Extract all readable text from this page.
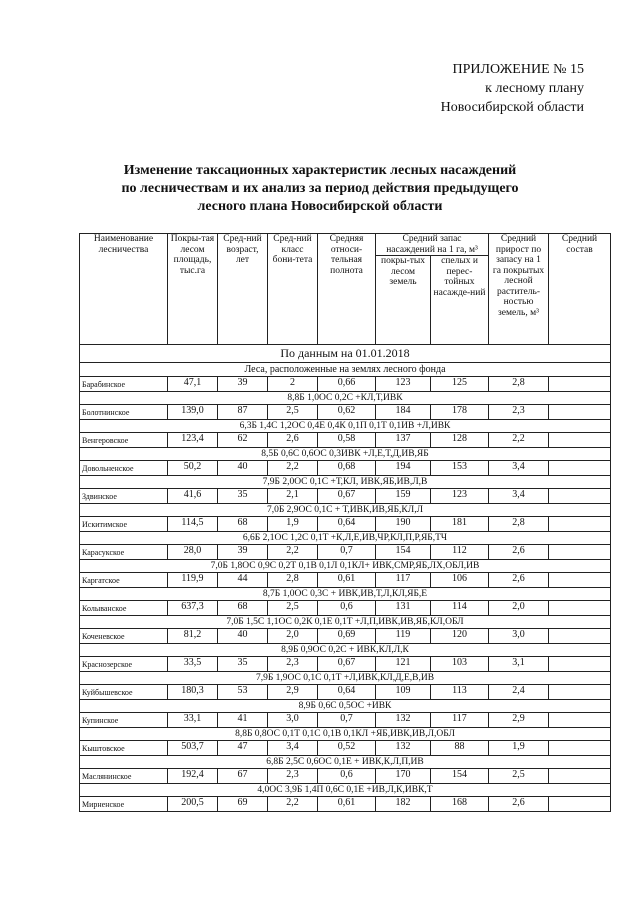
ПРИЛОЖЕНИЕ № 15
к лесному плану
Новосибирской области
Изменение таксационных характеристик лесных насаждений
по лесничествам и их анализ за период действия предыдущего
лесного плана Новосибирской области
Наименование лесничества	Покры-тая лесом площадь, тыс.га	Сред-ний возраст, лет	Сред-ний класс бони-тета	Средняя относи-тельная полнота	Средний запас насаждений на 1 га, м³		Средний прирост по запасу на 1 га покрытых лесной раститель-ностью земель, м³	Средний состав
					покры-тых лесом земель	спелых и перес-тойных насажде-ний		
По данным на 01.01.2018								
Леса, расположенные на землях лесного фонда								
Барабинское	47,1	39	2	0,66	123	125	2,8	
8,8Б 1,0ОС 0,2С +КЛ,Т,ИВК								
Болотнинское	139,0	87	2,5	0,62	184	178	2,3	
6,3Б 1,4С 1,2ОС 0,4Е 0,4К 0,1П 0,1Т 0,1ИВ +Л,ИВК								
Венгеровское	123,4	62	2,6	0,58	137	128	2,2	
8,5Б 0,6С 0,6ОС 0,3ИВК +Л,Е,Т,Д,ИВ,ЯБ								
Довольненское	50,2	40	2,2	0,68	194	153	3,4	
7,9Б 2,0ОС 0,1С +Т,КЛ, ИВК,ЯБ,ИВ,Л,В								
Здвинское	41,6	35	2,1	0,67	159	123	3,4	
7,0Б 2,9ОС 0,1С + Т,ИВК,ИВ,ЯБ,КЛ,Л								
Искитимское	114,5	68	1,9	0,64	190	181	2,8	
6,6Б 2,1ОС 1,2С 0,1Т +К,Л,Е,ИВ,ЧР,КЛ,П,Р,ЯБ,ТЧ								
Карасукское	28,0	39	2,2	0,7	154	112	2,6	
7,0Б 1,8ОС 0,9С 0,2Т 0,1В 0,1Л 0,1КЛ+ ИВК,СМР,ЯБ,ЛХ,ОБЛ,ИВ								
Каргатское	119,9	44	2,8	0,61	117	106	2,6	
8,7Б 1,0ОС 0,3С + ИВК,ИВ,Т,Л,КЛ,ЯБ,Е								
Колыванское	637,3	68	2,5	0,6	131	114	2,0	
7,0Б 1,5С 1,1ОС 0,2К 0,1Е 0,1Т +Л,П,ИВК,ИВ,ЯБ,КЛ,ОБЛ								
Коченевское	81,2	40	2,0	0,69	119	120	3,0	
8,9Б 0,9ОС 0,2С + ИВК,КЛ,Л,К								
Краснозерское	33,5	35	2,3	0,67	121	103	3,1	
7,9Б 1,9ОС 0,1С 0,1Т +Л,ИВК,КЛ,Д,Е,В,ИВ								
Куйбышевское	180,3	53	2,9	0,64	109	113	2,4	
8,9Б 0,6С 0,5ОС +ИВК								
Купинское	33,1	41	3,0	0,7	132	117	2,9	
8,8Б 0,8ОС 0,1Т 0,1С 0,1В 0,1КЛ +ЯБ,ИВК,ИВ,Л,ОБЛ								
Кыштовское	503,7	47	3,4	0,52	132	88	1,9	
6,8Б 2,5С 0,6ОС 0,1Е + ИВК,К,Л,П,ИВ								
Маслянинское	192,4	67	2,3	0,6	170	154	2,5	
4,0ОС 3,9Б 1,4П 0,6С 0,1Е +ИВ,Л,К,ИВК,Т								
Мирненское	200,5	69	2,2	0,61	182	168	2,6	
